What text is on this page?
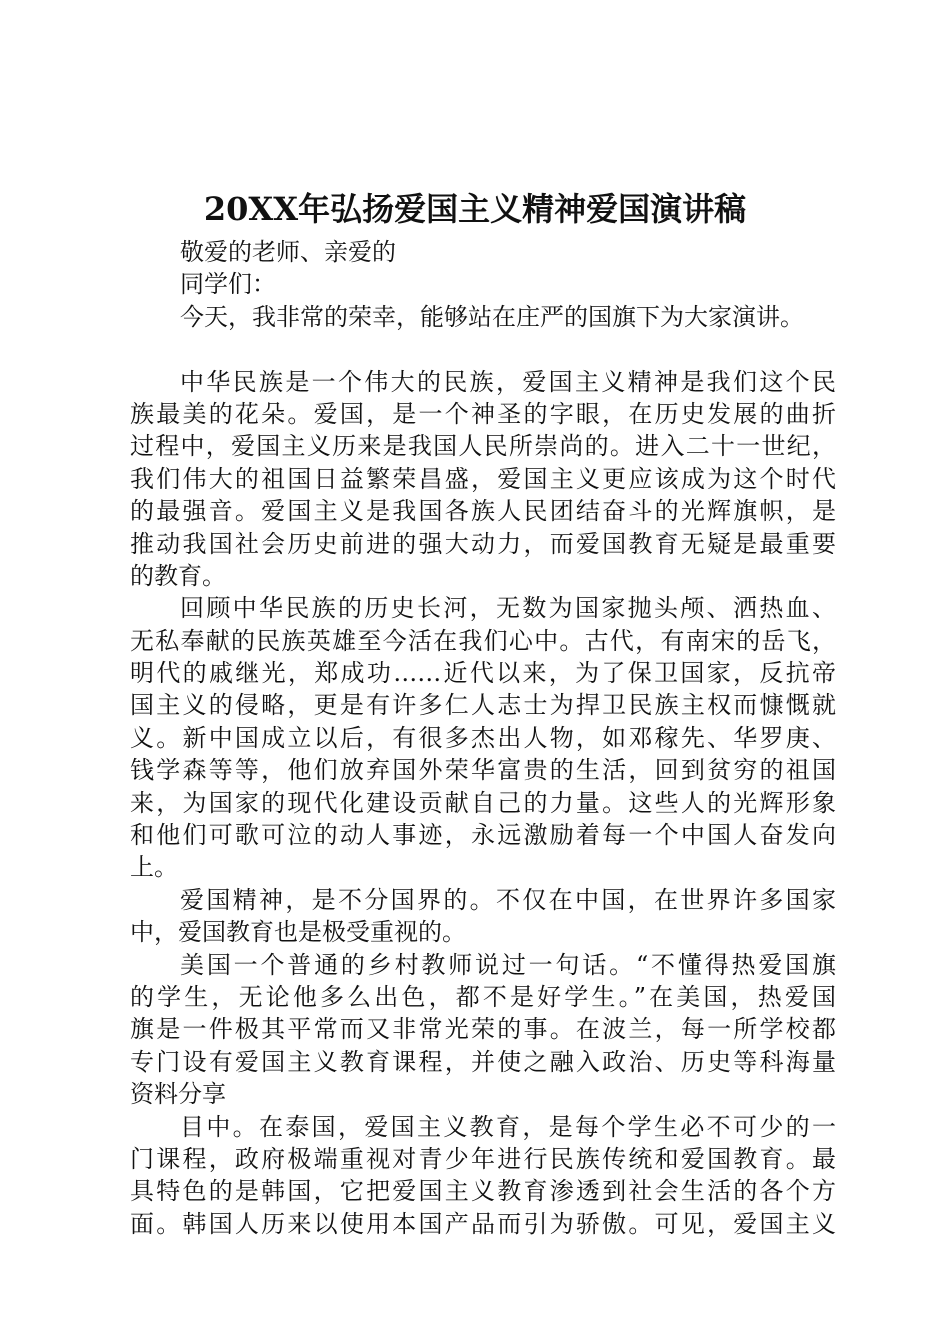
20XX年弘扬爱国主义精神爱国演讲稿

敬爱的老师、亲爱的

同学们：

今天，我非常的荣幸，能够站在庄严的国旗下为大家演讲。

中华民族是一个伟大的民族，爱国主义精神是我们这个民

族最美的花朵。爱国，是一个神圣的字眼，在历史发展的曲折

过程中，爱国主义历来是我国人民所崇尚的。进入二十一世纪，

我们伟大的祖国日益繁荣昌盛，爱国主义更应该成为这个时代

的最强音。爱国主义是我国各族人民团结奋斗的光辉旗帜，是

推动我国社会历史前进的强大动力，而爱国教育无疑是最重要

的教育。

回顾中华民族的历史长河，无数为国家抛头颅、洒热血、

无私奉献的民族英雄至今活在我们心中。古代，有南宋的岳飞，

明代的戚继光，郑成功……近代以来，为了保卫国家，反抗帝

国主义的侵略，更是有许多仁人志士为捍卫民族主权而慷慨就

义。新中国成立以后，有很多杰出人物，如邓稼先、华罗庚、

钱学森等等，他们放弃国外荣华富贵的生活，回到贫穷的祖国

来，为国家的现代化建设贡献自己的力量。这些人的光辉形象

和他们可歌可泣的动人事迹，永远激励着每一个中国人奋发向

上。

爱国精神，是不分国界的。不仅在中国，在世界许多国家

中，爱国教育也是极受重视的。

美国一个普通的乡村教师说过一句话。“不懂得热爱国旗

的学生，无论他多么出色，都不是好学生。”在美国，热爱国

旗是一件极其平常而又非常光荣的事。在波兰，每一所学校都

专门设有爱国主义教育课程，并使之融入政治、历史等科海量

资料分享

目中。在泰国，爱国主义教育，是每个学生必不可少的一

门课程，政府极端重视对青少年进行民族传统和爱国教育。最

具特色的是韩国，它把爱国主义教育渗透到社会生活的各个方

面。韩国人历来以使用本国产品而引为骄傲。可见，爱国主义
